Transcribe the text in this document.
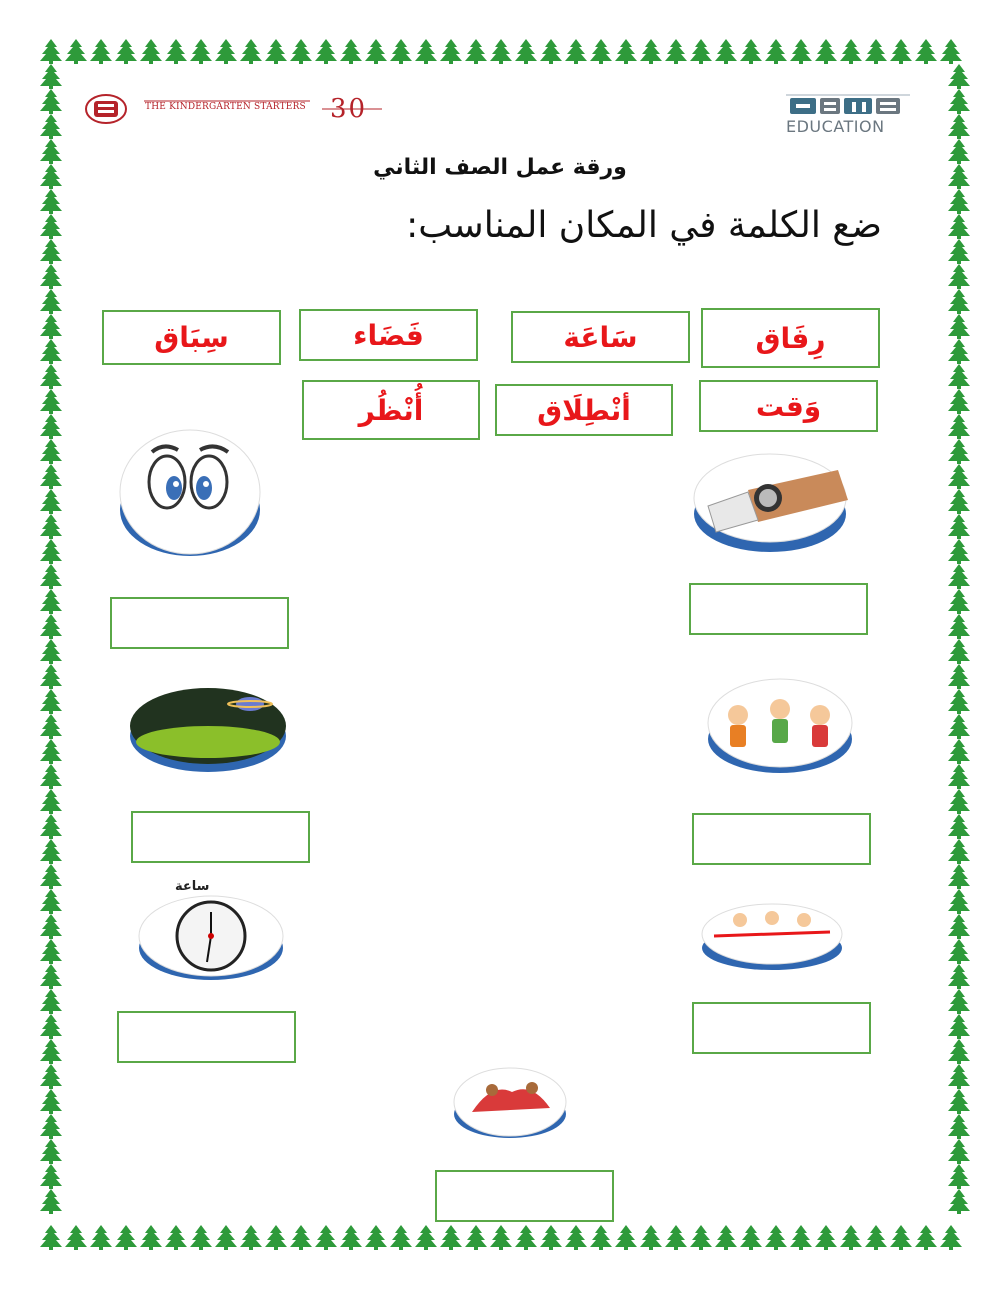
THE KINDERGARTEN STARTERS 30
EDUCATION
ورقة عمل الصف الثاني
ضع الكلمة في المكان المناسب:
رِفَاق
سَاعَة
فَضَاء
سِبَاق
وَقت
أنْطِلَاق
أُنْظُر
ساعة
